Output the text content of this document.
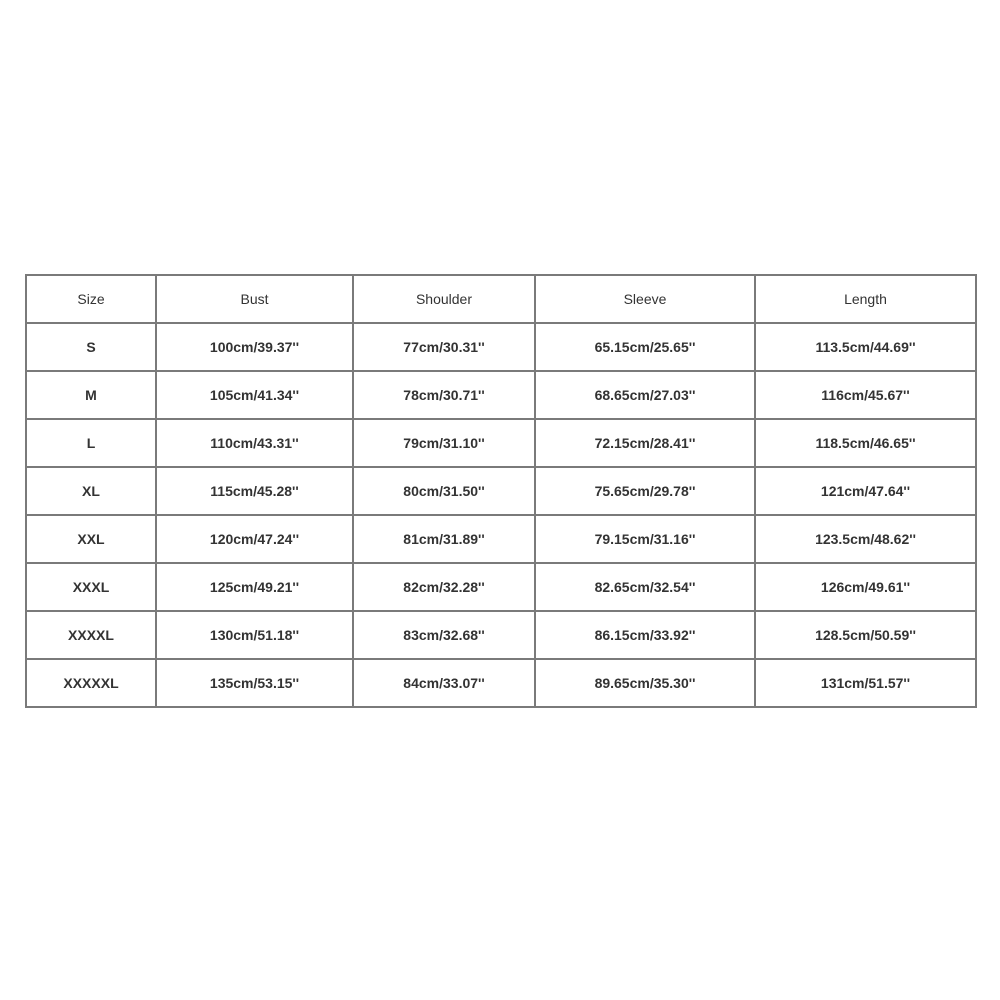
Size	Bust	Shoulder	Sleeve	Length
S	100cm/39.37''	77cm/30.31''	65.15cm/25.65''	113.5cm/44.69''
M	105cm/41.34''	78cm/30.71''	68.65cm/27.03''	116cm/45.67''
L	110cm/43.31''	79cm/31.10''	72.15cm/28.41''	118.5cm/46.65''
XL	115cm/45.28''	80cm/31.50''	75.65cm/29.78''	121cm/47.64''
XXL	120cm/47.24''	81cm/31.89''	79.15cm/31.16''	123.5cm/48.62''
XXXL	125cm/49.21''	82cm/32.28''	82.65cm/32.54''	126cm/49.61''
XXXXL	130cm/51.18''	83cm/32.68''	86.15cm/33.92''	128.5cm/50.59''
XXXXXL	135cm/53.15''	84cm/33.07''	89.65cm/35.30''	131cm/51.57''
